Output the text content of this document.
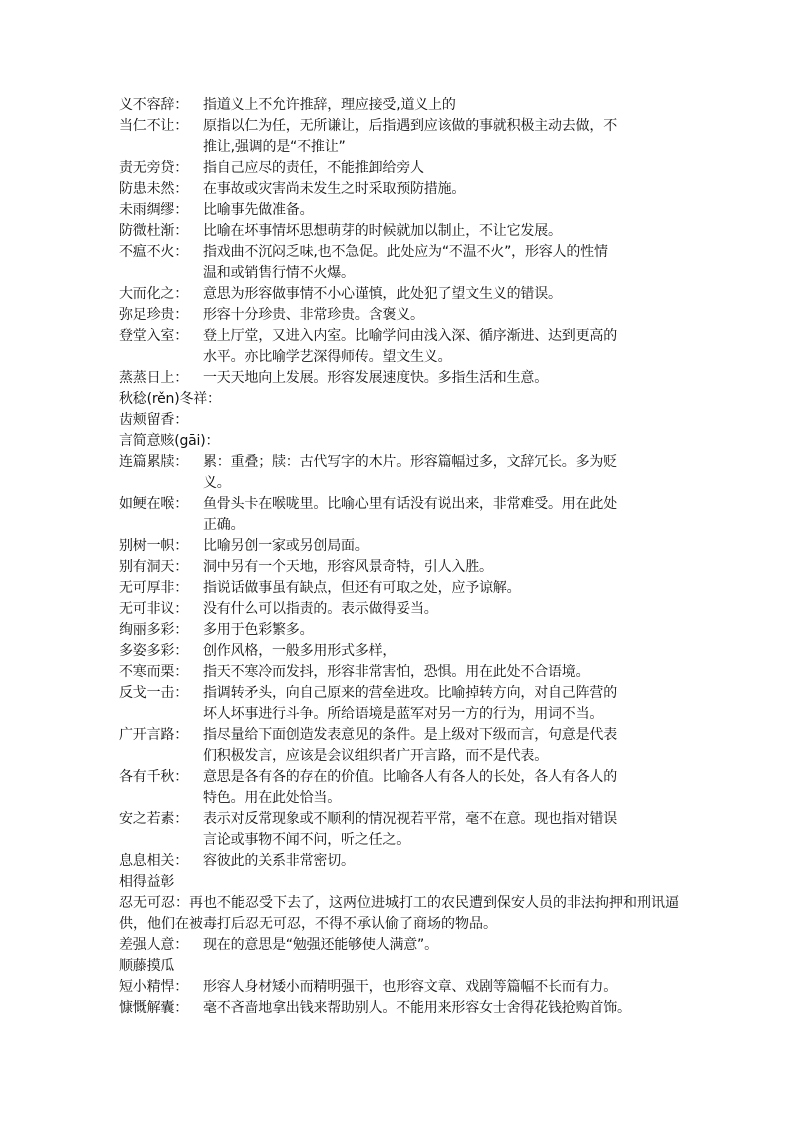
义不容辞：	指道义上不允许推辞，理应接受,道义上的
当仁不让：	原指以仁为任，无所谦让，后指遇到应该做的事就积极主动去做，不
推让,强调的是“不推让”
责无旁贷：	指自己应尽的责任，不能推卸给旁人
防患未然：	在事故或灾害尚未发生之时采取预防措施。
未雨绸缪：	比喻事先做准备。
防微杜渐：	比喻在坏事情坏思想萌芽的时候就加以制止，不让它发展。
不瘟不火：	指戏曲不沉闷乏味,也不急促。此处应为“不温不火”，形容人的性情
温和或销售行情不火爆。
大而化之：	意思为形容做事情不小心谨慎，此处犯了望文生义的错误。
弥足珍贵：	形容十分珍贵、非常珍贵。含褒义。
登堂入室：	登上厅堂，又进入内室。比喻学问由浅入深、循序渐进、达到更高的
水平。亦比喻学艺深得师传。望文生义。
蒸蒸日上：	一天天地向上发展。形容发展速度快。多指生活和生意。
秋稔(rěn)冬祥：
齿颊留香：
言简意赅(gāi)：
连篇累牍：	累：重叠；牍：古代写字的木片。形容篇幅过多，文辞冗长。多为贬
义。
如鲠在喉：	鱼骨头卡在喉咙里。比喻心里有话没有说出来，非常难受。用在此处
正确。
别树一帜：	比喻另创一家或另创局面。
别有洞天：	洞中另有一个天地，形容风景奇特，引人入胜。
无可厚非：	指说话做事虽有缺点，但还有可取之处，应予谅解。
无可非议：	没有什么可以指责的。表示做得妥当。
绚丽多彩：	多用于色彩繁多。
多姿多彩：	创作风格，一般多用形式多样，
不寒而栗：	指天不寒冷而发抖，形容非常害怕，恐惧。用在此处不合语境。
反戈一击：	指调转矛头，向自己原来的营垒进攻。比喻掉转方向，对自己阵营的
坏人坏事进行斗争。所给语境是蓝军对另一方的行为，用词不当。
广开言路：	指尽量给下面创造发表意见的条件。是上级对下级而言，句意是代表
们积极发言，应该是会议组织者广开言路，而不是代表。
各有千秋：	意思是各有各的存在的价值。比喻各人有各人的长处，各人有各人的
特色。用在此处恰当。
安之若素：	表示对反常现象或不顺利的情况视若平常，毫不在意。现也指对错误
言论或事物不闻不问，听之任之。
息息相关：	容彼此的关系非常密切。
相得益彰
忍无可忍：再也不能忍受下去了，这两位进城打工的农民遭到保安人员的非法拘押和刑讯逼供，他们在被毒打后忍无可忍，不得不承认偷了商场的物品。
差强人意：	现在的意思是“勉强还能够使人满意”。
顺藤摸瓜
短小精悍：	形容人身材矮小而精明强干，也形容文章、戏剧等篇幅不长而有力。
慷慨解囊：	毫不吝啬地拿出钱来帮助别人。不能用来形容女士舍得花钱抢购首饰。
